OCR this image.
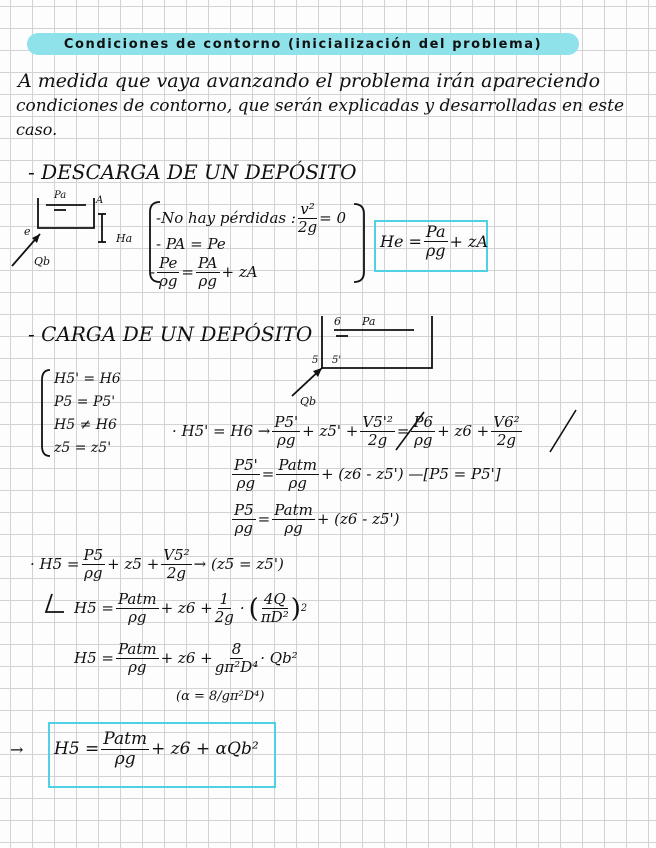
Condiciones de contorno (inicialización del problema)
A medida que vaya avanzando el problema irán apareciendo
condiciones de contorno, que serán explicadas y desarrolladas en este
caso.
- DESCARGA DE UN DEPÓSITO
Pa	A
e
Qb
Ha
-No hay pérdidas : $\frac{\text{v²}}{2g} = 0$
- PA = Pe
- $\frac{Pe}{\rho g} = \frac{PA}{\rho g}$ + zA
$He = \frac{Pa}{\rho g}$ + zA
- CARGA DE UN DEPÓSITO
6 Pa
5 5'
Qb
H5' = H6
P5 = P5'
H5 ≠ H6
z5 = z5'
· $H5' = H6 \to \frac{P5'}{\rho g} + z5' + \frac{\text{V5'²}}{2g} = \frac{P6}{\rho g} + z6 + \frac{\text{V6²}}{2g}$
$\frac{P5'}{\rho g} = \frac{\text{Patm}}{\rho g} + (z6 - z5')$ — [P5 = P5']
$\frac{P5}{\rho g} = \frac{\text{Patm}}{\rho g} + (z6 - z5')$
· $H5 = \frac{P5}{\rho g} + z5 + \frac{\text{V5²}}{2g} \to (z5 = z5')$
$H5 = \frac{\text{Patm}}{\rho g} + z6 + \frac{1}{2g}$ · ( $\frac{4Q}{\text{πD²}}$ ) 2
$H5 = \frac{\text{Patm}}{\rho g} + z6 + \frac{8}{\text{gπ²D⁴}} \cdot Qb^2$
(α = 8/gπ²D⁴)
→ $H5 = \frac{\text{Patm}}{\rho g} + z6 + \alpha Qb^2$
